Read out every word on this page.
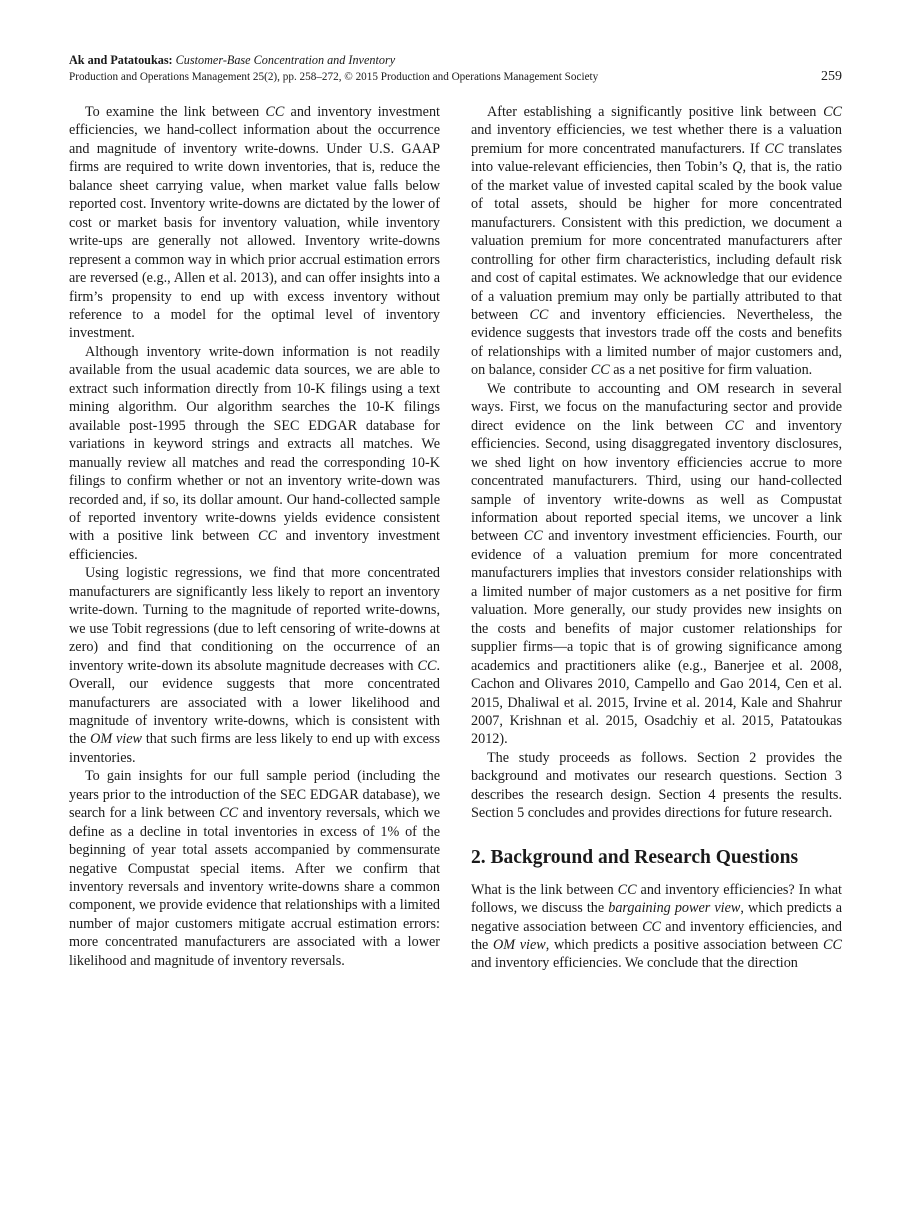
Ak and Patatoukas: Customer-Base Concentration and Inventory
Production and Operations Management 25(2), pp. 258–272, © 2015 Production and Operations Management Society	259

To examine the link between CC and inventory investment efficiencies, we hand-collect information about the occurrence and magnitude of inventory write-downs. Under U.S. GAAP firms are required to write down inventories, that is, reduce the balance sheet carrying value, when market value falls below reported cost. Inventory write-downs are dictated by the lower of cost or market basis for inventory valuation, while inventory write-ups are generally not allowed. Inventory write-downs represent a common way in which prior accrual estimation errors are reversed (e.g., Allen et al. 2013), and can offer insights into a firm’s propensity to end up with excess inventory without reference to a model for the optimal level of inventory investment.

Although inventory write-down information is not readily available from the usual academic data sources, we are able to extract such information directly from 10-K filings using a text mining algorithm. Our algorithm searches the 10-K filings available post-1995 through the SEC EDGAR database for variations in keyword strings and extracts all matches. We manually review all matches and read the corresponding 10-K filings to confirm whether or not an inventory write-down was recorded and, if so, its dollar amount. Our hand-collected sample of reported inventory write-downs yields evidence consistent with a positive link between CC and inventory investment efficiencies.

Using logistic regressions, we find that more concentrated manufacturers are significantly less likely to report an inventory write-down. Turning to the magnitude of reported write-downs, we use Tobit regressions (due to left censoring of write-downs at zero) and find that conditioning on the occurrence of an inventory write-down its absolute magnitude decreases with CC. Overall, our evidence suggests that more concentrated manufacturers are associated with a lower likelihood and magnitude of inventory write-downs, which is consistent with the OM view that such firms are less likely to end up with excess inventories.

To gain insights for our full sample period (including the years prior to the introduction of the SEC EDGAR database), we search for a link between CC and inventory reversals, which we define as a decline in total inventories in excess of 1% of the beginning of year total assets accompanied by commensurate negative Compustat special items. After we confirm that inventory reversals and inventory write-downs share a common component, we provide evidence that relationships with a limited number of major customers mitigate accrual estimation errors: more concentrated manufacturers are associated with a lower likelihood and magnitude of inventory reversals.

After establishing a significantly positive link between CC and inventory efficiencies, we test whether there is a valuation premium for more concentrated manufacturers. If CC translates into value-relevant efficiencies, then Tobin’s Q, that is, the ratio of the market value of invested capital scaled by the book value of total assets, should be higher for more concentrated manufacturers. Consistent with this prediction, we document a valuation premium for more concentrated manufacturers after controlling for other firm characteristics, including default risk and cost of capital estimates. We acknowledge that our evidence of a valuation premium may only be partially attributed to that between CC and inventory efficiencies. Nevertheless, the evidence suggests that investors trade off the costs and benefits of relationships with a limited number of major customers and, on balance, consider CC as a net positive for firm valuation.

We contribute to accounting and OM research in several ways. First, we focus on the manufacturing sector and provide direct evidence on the link between CC and inventory efficiencies. Second, using disaggregated inventory disclosures, we shed light on how inventory efficiencies accrue to more concentrated manufacturers. Third, using our hand-collected sample of inventory write-downs as well as Compustat information about reported special items, we uncover a link between CC and inventory investment efficiencies. Fourth, our evidence of a valuation premium for more concentrated manufacturers implies that investors consider relationships with a limited number of major customers as a net positive for firm valuation. More generally, our study provides new insights on the costs and benefits of major customer relationships for supplier firms—a topic that is of growing significance among academics and practitioners alike (e.g., Banerjee et al. 2008, Cachon and Olivares 2010, Campello and Gao 2014, Cen et al. 2015, Dhaliwal et al. 2015, Irvine et al. 2014, Kale and Shahrur 2007, Krishnan et al. 2015, Osadchiy et al. 2015, Patatoukas 2012).

The study proceeds as follows. Section 2 provides the background and motivates our research questions. Section 3 describes the research design. Section 4 presents the results. Section 5 concludes and provides directions for future research.

2. Background and Research Questions

What is the link between CC and inventory efficiencies? In what follows, we discuss the bargaining power view, which predicts a negative association between CC and inventory efficiencies, and the OM view, which predicts a positive association between CC and inventory efficiencies. We conclude that the direction
